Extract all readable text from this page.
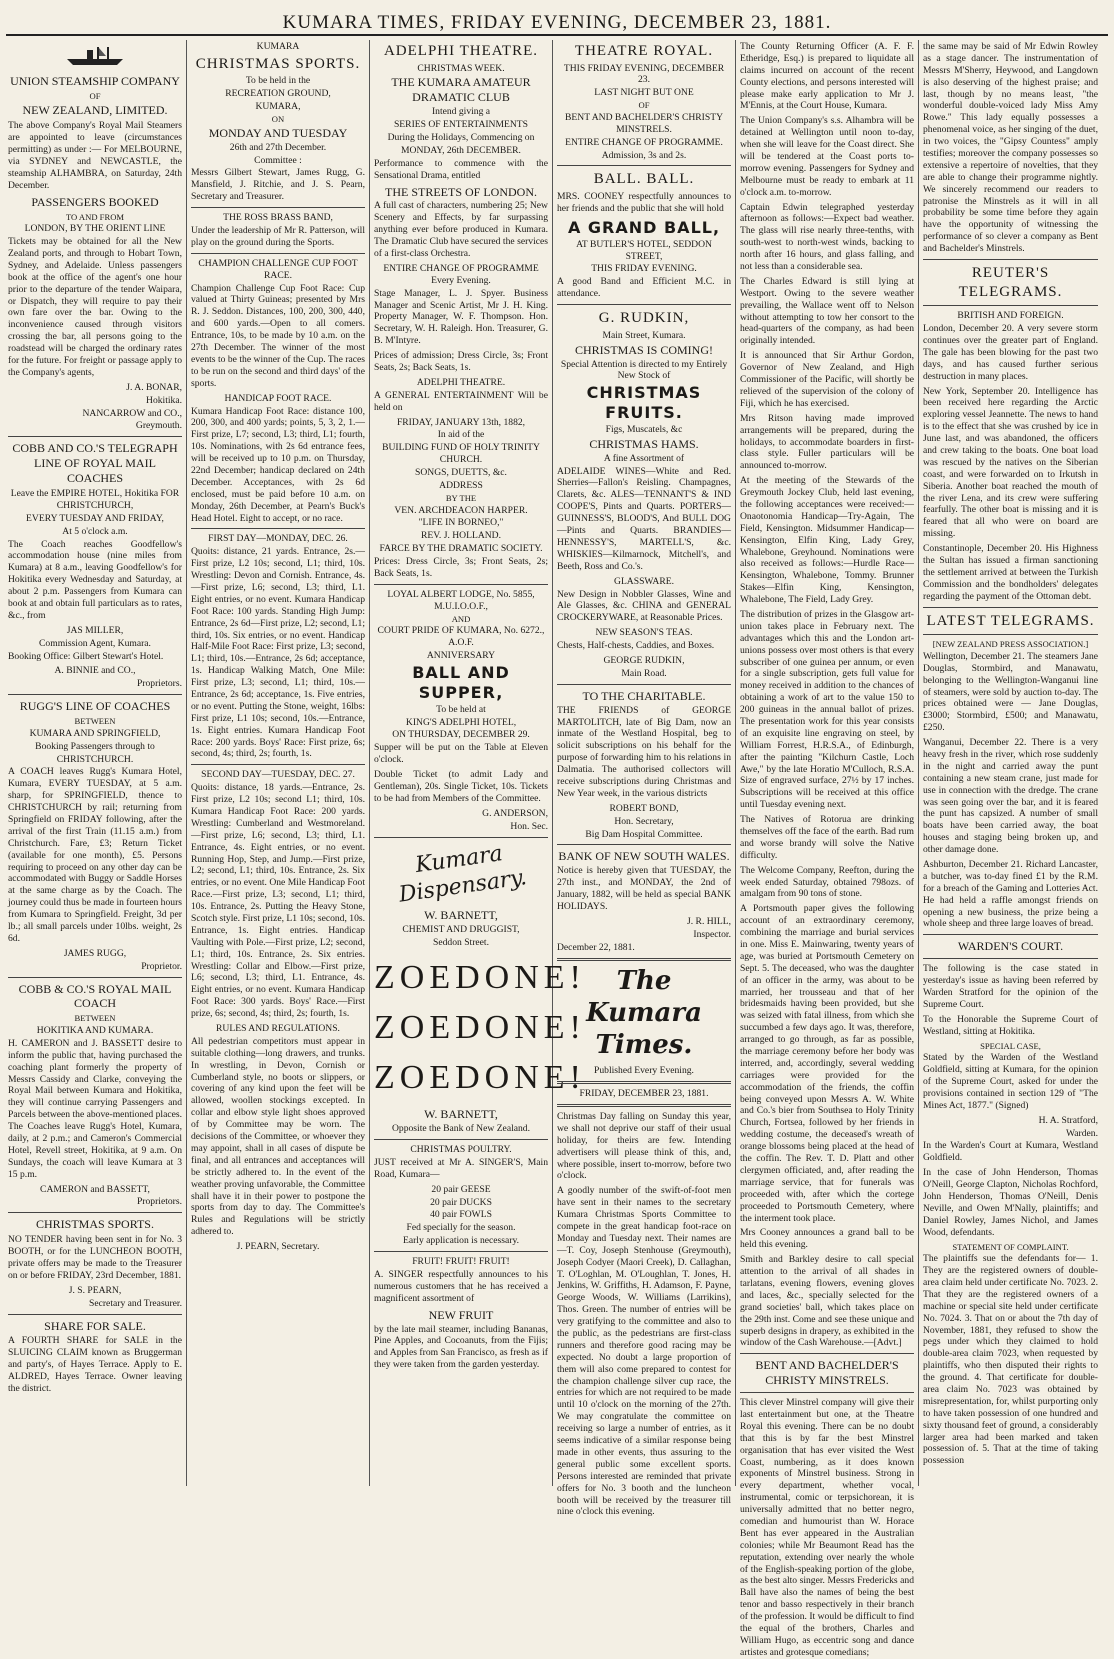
KUMARA TIMES, FRIDAY EVENING, DECEMBER 23, 1881.
UNION STEAMSHIP COMPANY
OF
NEW ZEALAND, LIMITED.
The above Company's Royal Mail Steamers are appointed to leave (circumstances permitting) as under :— For MELBOURNE, via SYDNEY and NEWCASTLE, the steamship ALHAMBRA, on Saturday, 24th December.
PASSENGERS BOOKED
TO AND FROM
LONDON, BY THE ORIENT LINE
Tickets may be obtained for all the New Zealand ports, and through to Hobart Town, Sydney, and Adelaide. Unless passengers book at the office of the agent's one hour prior to the departure of the tender Waipara, or Dispatch, they will require to pay their own fare over the bar. Owing to the inconvenience caused through visitors crossing the bar, all persons going to the roadstead will be charged the ordinary rates for the future. For freight or passage apply to the Company's agents,
J. A. BONAR,
Hokitika.
NANCARROW and CO.,
Greymouth.
COBB AND CO.'S TELEGRAPH LINE OF ROYAL MAIL COACHES
Leave the EMPIRE HOTEL, Hokitika FOR CHRISTCHURCH,
EVERY TUESDAY AND FRIDAY,
At 5 o'clock a.m.
The Coach reaches Goodfellow's accommodation house (nine miles from Kumara) at 8 a.m., leaving Goodfellow's for Hokitika every Wednesday and Saturday, at about 2 p.m. Passengers from Kumara can book at and obtain full particulars as to rates, &c., from
JAS MILLER,
Commission Agent, Kumara.
Booking Office: Gilbert Stewart's Hotel.
A. BINNIE and CO.,
Proprietors.
RUGG'S LINE OF COACHES
BETWEEN
KUMARA AND SPRINGFIELD,
Booking Passengers through to
CHRISTCHURCH.
A COACH leaves Rugg's Kumara Hotel, Kumara, EVERY TUESDAY, at 5 a.m. sharp, for SPRINGFIELD, thence to CHRISTCHURCH by rail; returning from Springfield on FRIDAY following, after the arrival of the first Train (11.15 a.m.) from Christchurch. Fare, £3; Return Ticket (available for one month), £5. Persons requiring to proceed on any other day can be accommodated with Buggy or Saddle Horses at the same charge as by the Coach. The journey could thus be made in fourteen hours from Kumara to Springfield. Freight, 3d per lb.; all small parcels under 10lbs. weight, 2s 6d.
JAMES RUGG,
Proprietor.
COBB & CO.'S ROYAL MAIL COACH
BETWEEN
HOKITIKA AND KUMARA.
H. CAMERON and J. BASSETT desire to inform the public that, having purchased the coaching plant formerly the property of Messrs Cassidy and Clarke, conveying the Royal Mail between Kumara and Hokitika, they will continue carrying Passengers and Parcels between the above-mentioned places. The Coaches leave Rugg's Hotel, Kumara, daily, at 2 p.m.; and Cameron's Commercial Hotel, Revell street, Hokitika, at 9 a.m. On Sundays, the coach will leave Kumara at 3 15 p.m.
CAMERON and BASSETT,
Proprietors.
CHRISTMAS SPORTS.
NO TENDER having been sent in for No. 3 BOOTH, or for the LUNCHEON BOOTH, private offers may be made to the Treasurer on or before FRIDAY, 23rd December, 1881.
J. S. PEARN,
Secretary and Treasurer.
SHARE FOR SALE.
A FOURTH SHARE for SALE in the SLUICING CLAIM known as Bruggerman and party's, of Hayes Terrace. Apply to E. ALDRED, Hayes Terrace. Owner leaving the district.
KUMARA
CHRISTMAS SPORTS.
To be held in the
RECREATION GROUND,
KUMARA,
ON
MONDAY AND TUESDAY
26th and 27th December.
Committee :
Messrs Gilbert Stewart, James Rugg, G. Mansfield, J. Ritchie, and J. S. Pearn, Secretary and Treasurer.
THE ROSS BRASS BAND,
Under the leadership of Mr R. Patterson, will play on the ground during the Sports.
CHAMPION CHALLENGE CUP FOOT RACE.
Champion Challenge Cup Foot Race: Cup valued at Thirty Guineas; presented by Mrs R. J. Seddon. Distances, 100, 200, 300, 440, and 600 yards.—Open to all comers. Entrance, 10s, to be made by 10 a.m. on the 27th December. The winner of the most events to be the winner of the Cup. The races to be run on the second and third days' of the sports.
HANDICAP FOOT RACE.
Kumara Handicap Foot Race: distance 100, 200, 300, and 400 yards; points, 5, 3, 2, 1.—First prize, L7; second, L3; third, L1; fourth, 10s. Nominations, with 2s 6d entrance fees, will be received up to 10 p.m. on Thursday, 22nd December; handicap declared on 24th December. Acceptances, with 2s 6d enclosed, must be paid before 10 a.m. on Monday, 26th December, at Pearn's Buck's Head Hotel. Eight to accept, or no race.
FIRST DAY—MONDAY, DEC. 26.
Quoits: distance, 21 yards. Entrance, 2s.—First prize, L2 10s; second, L1; third, 10s. Wrestling: Devon and Cornish. Entrance, 4s.—First prize, L6; second, L3; third, L1. Eight entries, or no event. Kumara Handicap Foot Race: 100 yards. Standing High Jump: Entrance, 2s 6d—First prize, L2; second, L1; third, 10s. Six entries, or no event. Handicap Half-Mile Foot Race: First prize, L3; second, L1; third, 10s.—Entrance, 2s 6d; acceptance, 1s. Handicap Walking Match, One Mile: First prize, L3; second, L1; third, 10s.—Entrance, 2s 6d; acceptance, 1s. Five entries, or no event. Putting the Stone, weight, 16lbs: First prize, L1 10s; second, 10s.—Entrance, 1s. Eight entries. Kumara Handicap Foot Race: 200 yards. Boys' Race: First prize, 6s; second, 4s; third, 2s; fourth, 1s.
SECOND DAY—TUESDAY, DEC. 27.
Quoits: distance, 18 yards.—Entrance, 2s. First prize, L2 10s; second L1; third, 10s. Kumara Handicap Foot Race: 200 yards. Wrestling: Cumberland and Westmoreland.—First prize, L6; second, L3; third, L1. Entrance, 4s. Eight entries, or no event. Running Hop, Step, and Jump.—First prize, L2; second, L1; third, 10s. Entrance, 2s. Six entries, or no event. One Mile Handicap Foot Race.—First prize, L3; second, L1; third, 10s. Entrance, 2s. Putting the Heavy Stone, Scotch style. First prize, L1 10s; second, 10s. Entrance, 1s. Eight entries. Handicap Vaulting with Pole.—First prize, L2; second, L1; third, 10s. Entrance, 2s. Six entries. Wrestling: Collar and Elbow.—First prize, L6; second, L3; third, L1. Entrance, 4s. Eight entries, or no event. Kumara Handicap Foot Race: 300 yards. Boys' Race.—First prize, 6s; second, 4s; third, 2s; fourth, 1s.
RULES AND REGULATIONS.
All pedestrian competitors must appear in suitable clothing—long drawers, and trunks. In wrestling, in Devon, Cornish or Cumberland style, no boots or slippers, or covering of any kind upon the feet will be allowed, woollen stockings excepted. In collar and elbow style light shoes approved of by Committee may be worn. The decisions of the Committee, or whoever they may appoint, shall in all cases of dispute be final, and all entrances and acceptances will be strictly adhered to. In the event of the weather proving unfavorable, the Committee shall have it in their power to postpone the sports from day to day. The Committee's Rules and Regulations will be strictly adhered to.
J. PEARN, Secretary.
ADELPHI THEATRE.
CHRISTMAS WEEK.
THE KUMARA AMATEUR DRAMATIC CLUB
Intend giving a
SERIES OF ENTERTAINMENTS
During the Holidays, Commencing on
MONDAY, 26th DECEMBER.
Performance to commence with the Sensational Drama, entitled
THE STREETS OF LONDON.
A full cast of characters, numbering 25; New Scenery and Effects, by far surpassing anything ever before produced in Kumara. The Dramatic Club have secured the services of a first-class Orchestra.
ENTIRE CHANGE OF PROGRAMME Every Evening.
Stage Manager, L. J. Spyer. Business Manager and Scenic Artist, Mr J. H. King. Property Manager, W. F. Thompson. Hon. Secretary, W. H. Raleigh. Hon. Treasurer, G. B. M'Intyre.
Prices of admission; Dress Circle, 3s; Front Seats, 2s; Back Seats, 1s.
ADELPHI THEATRE.
A GENERAL ENTERTAINMENT Will be held on
FRIDAY, JANUARY 13th, 1882,
In aid of the
BUILDING FUND OF HOLY TRINITY CHURCH.
SONGS, DUETTS, &c.
ADDRESS
BY THE
VEN. ARCHDEACON HARPER.
"LIFE IN BORNEO,"
REV. J. HOLLAND.
FARCE BY THE DRAMATIC SOCIETY.
Prices: Dress Circle, 3s; Front Seats, 2s; Back Seats, 1s.
LOYAL ALBERT LODGE, No. 5855, M.U.I.O.O.F.,
AND
COURT PRIDE OF KUMARA, No. 6272., A.O.F.
ANNIVERSARY
BALL AND SUPPER,
To be held at
KING'S ADELPHI HOTEL,
ON THURSDAY, DECEMBER 29.
Supper will be put on the Table at Eleven o'clock.
Double Ticket (to admit Lady and Gentleman), 20s. Single Ticket, 10s. Tickets to be had from Members of the Committee.
G. ANDERSON,
Hon. Sec.
Kumara Dispensary.
W. BARNETT,
CHEMIST AND DRUGGIST,
Seddon Street.
ZOEDONE!
ZOEDONE!
ZOEDONE!
W. BARNETT,
Opposite the Bank of New Zealand.
CHRISTMAS POULTRY.
JUST received at Mr A. SINGER'S, Main Road, Kumara—
20 pair GEESE
20 pair DUCKS
40 pair FOWLS
Fed specially for the season.
Early application is necessary.
FRUIT! FRUIT! FRUIT!
A. SINGER respectfully announces to his numerous customers that he has received a magnificent assortment of
NEW FRUIT
by the late mail steamer, including Bananas, Pine Apples, and Cocoanuts, from the Fijis; and Apples from San Francisco, as fresh as if they were taken from the garden yesterday.
THEATRE ROYAL.
THIS FRIDAY EVENING, DECEMBER 23.
LAST NIGHT BUT ONE
OF
BENT AND BACHELDER'S CHRISTY MINSTRELS.
ENTIRE CHANGE OF PROGRAMME.
Admission, 3s and 2s.
BALL. BALL.
MRS. COONEY respectfully announces to her friends and the public that she will hold
A GRAND BALL,
AT BUTLER'S HOTEL, SEDDON STREET,
THIS FRIDAY EVENING.
A good Band and Efficient M.C. in attendance.
G. RUDKIN,
Main Street, Kumara.
CHRISTMAS IS COMING!
Special Attention is directed to my Entirely New Stock of
CHRISTMAS FRUITS.
Figs, Muscatels, &c
CHRISTMAS HAMS.
A fine Assortment of
ADELAIDE WINES—White and Red. Sherries—Fallon's Reisling. Champagnes, Clarets, &c. ALES—TENNANT'S & IND COOPE'S, Pints and Quarts. PORTERS—GUINNESS'S, BLOOD'S, And BULL DOG—Pints and Quarts. BRANDIES—HENNESSY'S, MARTELL'S, &c. WHISKIES—Kilmarnock, Mitchell's, and Beeth, Ross and Co.'s.
GLASSWARE.
New Design in Nobbler Glasses, Wine and Ale Glasses, &c. CHINA and GENERAL CROCKERYWARE, at Reasonable Prices.
NEW SEASON'S TEAS.
Chests, Half-chests, Caddies, and Boxes.
GEORGE RUDKIN,
Main Road.
TO THE CHARITABLE.
THE FRIENDS of GEORGE MARTOLITCH, late of Big Dam, now an inmate of the Westland Hospital, beg to solicit subscriptions on his behalf for the purpose of forwarding him to his relations in Dalmatia. The authorised collectors will receive subscriptions during Christmas and New Year week, in the various districts
ROBERT BOND,
Hon. Secretary,
Big Dam Hospital Committee.
BANK OF NEW SOUTH WALES.
Notice is hereby given that TUESDAY, the 27th inst., and MONDAY, the 2nd of January, 1882, will be held as special BANK HOLIDAYS.
J. R. HILL,
Inspector.
December 22, 1881.
The Kumara Times.
Published Every Evening.
FRIDAY, DECEMBER 23, 1881.
Christmas Day falling on Sunday this year, we shall not deprive our staff of their usual holiday, for theirs are few. Intending advertisers will please think of this, and, where possible, insert to-morrow, before two o'clock.
A goodly number of the swift-of-foot men have sent in their names to the secretary Kumara Christmas Sports Committee to compete in the great handicap foot-race on Monday and Tuesday next. Their names are—T. Coy, Joseph Stenhouse (Greymouth), Joseph Codyer (Maori Creek), D. Callaghan, T. O'Loghlan, M. O'Loughlan, T. Jones, H. Jenkins, W. Griffiths, H. Adamson, F. Payne, George Woods, W. Williams (Larrikins), Thos. Green. The number of entries will be very gratifying to the committee and also to the public, as the pedestrians are first-class runners and therefore good racing may be expected. No doubt a large proportion of them will also come prepared to contest for the champion challenge silver cup race, the entries for which are not required to be made until 10 o'clock on the morning of the 27th. We may congratulate the committee on receiving so large a number of entries, as it seems indicative of a similar response being made in other events, thus assuring to the general public some excellent sports. Persons interested are reminded that private offers for No. 3 booth and the luncheon booth will be received by the treasurer till nine o'clock this evening.
The County Returning Officer (A. F. F. Etheridge, Esq.) is prepared to liquidate all claims incurred on account of the recent County elections, and persons interested will please make early application to Mr J. M'Ennis, at the Court House, Kumara.
The Union Company's s.s. Alhambra will be detained at Wellington until noon to-day, when she will leave for the Coast direct. She will be tendered at the Coast ports to-morrow evening. Passengers for Sydney and Melbourne must be ready to embark at 11 o'clock a.m. to-morrow.
Captain Edwin telegraphed yesterday afternoon as follows:—Expect bad weather. The glass will rise nearly three-tenths, with south-west to north-west winds, backing to north after 16 hours, and glass falling, and not less than a considerable sea.
The Charles Edward is still lying at Westport. Owing to the severe weather prevailing, the Wallace went off to Nelson without attempting to tow her consort to the head-quarters of the company, as had been originally intended.
It is announced that Sir Arthur Gordon, Governor of New Zealand, and High Commissioner of the Pacific, will shortly be relieved of the supervision of the colony of Fiji, which he has exercised.
Mrs Ritson having made improved arrangements will be prepared, during the holidays, to accommodate boarders in first-class style. Fuller particulars will be announced to-morrow.
At the meeting of the Stewards of the Greymouth Jockey Club, held last evening, the following acceptances were received:—Onaotonomia Handicap—Try-Again, The Field, Kensington. Midsummer Handicap—Kensington, Elfin King, Lady Grey, Whalebone, Greyhound. Nominations were also received as follows:—Hurdle Race—Kensington, Whalebone, Tommy. Brunner Stakes—Elfin King, Kensington, Whalebone, The Field, Lady Grey.
The distribution of prizes in the Glasgow art-union takes place in February next. The advantages which this and the London art-unions possess over most others is that every subscriber of one guinea per annum, or even for a single subscription, gets full value for money received in addition to the chances of obtaining a work of art to the value 150 to 200 guineas in the annual ballot of prizes. The presentation work for this year consists of an exquisite line engraving on steel, by William Forrest, H.R.S.A., of Edinburgh, after the painting "Kilchurn Castle, Loch Awe," by the late Horatio M'Culloch, R.S.A. Size of engraved surface, 27½ by 17 inches. Subscriptions will be received at this office until Tuesday evening next.
The Natives of Rotorua are drinking themselves off the face of the earth. Bad rum and worse brandy will solve the Native difficulty.
The Welcome Company, Reefton, during the week ended Saturday, obtained 798ozs. of amalgam from 90 tons of stone.
A Portsmouth paper gives the following account of an extraordinary ceremony, combining the marriage and burial services in one. Miss E. Mainwaring, twenty years of age, was buried at Portsmouth Cemetery on Sept. 5. The deceased, who was the daughter of an officer in the army, was about to be married, her trousseau and that of her bridesmaids having been provided, but she was seized with fatal illness, from which she succumbed a few days ago. It was, therefore, arranged to go through, as far as possible, the marriage ceremony before her body was interred, and, accordingly, several wedding carriages were provided for the accommodation of the friends, the coffin being conveyed upon Messrs A. W. White and Co.'s bier from Southsea to Holy Trinity Church, Fortsea, followed by her friends in wedding costume, the deceased's wreath of orange blossoms being placed at the head of the coffin. The Rev. T. D. Platt and other clergymen officiated, and, after reading the marriage service, that for funerals was proceeded with, after which the cortege proceeded to Portsmouth Cemetery, where the interment took place.
Mrs Cooney announces a grand ball to be held this evening.
Smith and Barkley desire to call special attention to the arrival of all shades in tarlatans, evening flowers, evening gloves and laces, &c., specially selected for the grand societies' ball, which takes place on the 29th inst. Come and see these unique and superb designs in drapery, as exhibited in the window of the Cash Warehouse.—[Advt.]
BENT AND BACHELDER'S CHRISTY MINSTRELS.
This clever Minstrel company will give their last entertainment but one, at the Theatre Royal this evening. There can be no doubt that this is by far the best Minstrel organisation that has ever visited the West Coast, numbering, as it does known exponents of Minstrel business. Strong in every department, whether vocal, instrumental, comic or terpsichorean, it is universally admitted that no better negro, comedian and humourist than W. Horace Bent has ever appeared in the Australian colonies; while Mr Beaumont Read has the reputation, extending over nearly the whole of the English-speaking portion of the globe, as the best alto singer. Messrs Fredericks and Ball have also the names of being the best tenor and basso respectively in their branch of the profession. It would be difficult to find the equal of the brothers, Charles and William Hugo, as eccentric song and dance artistes and grotesque comedians;
the same may be said of Mr Edwin Rowley as a stage dancer. The instrumentation of Messrs M'Sherry, Heywood, and Langdown is also deserving of the highest praise; and last, though by no means least, "the wonderful double-voiced lady Miss Amy Rowe." This lady equally possesses a phenomenal voice, as her singing of the duet, in two voices, the "Gipsy Countess" amply testifies; moreover the company possesses so extensive a repertoire of novelties, that they are able to change their programme nightly. We sincerely recommend our readers to patronise the Minstrels as it will in all probability be some time before they again have the opportunity of witnessing the performance of so clever a company as Bent and Bachelder's Minstrels.
REUTER'S TELEGRAMS.
BRITISH AND FOREIGN.
London, December 20. A very severe storm continues over the greater part of England. The gale has been blowing for the past two days, and has caused further serious destruction in many places.
New York, September 20. Intelligence has been received here regarding the Arctic exploring vessel Jeannette. The news to hand is to the effect that she was crushed by ice in June last, and was abandoned, the officers and crew taking to the boats. One boat load was rescued by the natives on the Siberian coast, and were forwarded on to Irkutsh in Siberia. Another boat reached the mouth of the river Lena, and its crew were suffering fearfully. The other boat is missing and it is feared that all who were on board are missing.
Constantinople, December 20. His Highness the Sultan has issued a firman sanctioning the settlement arrived at between the Turkish Commission and the bondholders' delegates regarding the payment of the Ottoman debt.
LATEST TELEGRAMS.
[NEW ZEALAND PRESS ASSOCIATION.]
Wellington, December 21. The steamers Jane Douglas, Stormbird, and Manawatu, belonging to the Wellington-Wanganui line of steamers, were sold by auction to-day. The prices obtained were — Jane Douglas, £3000; Stormbird, £500; and Manawatu, £250.
Wanganui, December 22. There is a very heavy fresh in the river, which rose suddenly in the night and carried away the punt containing a new steam crane, just made for use in connection with the dredge. The crane was seen going over the bar, and it is feared the punt has capsized. A number of small boats have been carried away, the boat houses and staging being broken up, and other damage done.
Ashburton, December 21. Richard Lancaster, a butcher, was to-day fined £1 by the R.M. for a breach of the Gaming and Lotteries Act. He had held a raffle amongst friends on opening a new business, the prize being a whole sheep and three large loaves of bread.
WARDEN'S COURT.
The following is the case stated in yesterday's issue as having been referred by Warden Stratford for the opinion of the Supreme Court.
To the Honorable the Supreme Court of Westland, sitting at Hokitika.
SPECIAL CASE,
Stated by the Warden of the Westland Goldfield, sitting at Kumara, for the opinion of the Supreme Court, asked for under the provisions contained in section 129 of "The Mines Act, 1877." (Signed)
H. A. Stratford,
Warden.
In the Warden's Court at Kumara, Westland Goldfield.
In the case of John Henderson, Thomas O'Neill, George Clapton, Nicholas Rochford, John Henderson, Thomas O'Neill, Denis Neville, and Owen M'Nally, plaintiffs; and Daniel Rowley, James Nichol, and James Wood, defendants.
STATEMENT OF COMPLAINT.
The plaintiffs sue the defendants for— 1. They are the registered owners of double-area claim held under certificate No. 7023. 2. That they are the registered owners of a machine or special site held under certificate No. 7024. 3. That on or about the 7th day of November, 1881, they refused to show the pegs under which they claimed to hold double-area claim 7023, when requested by plaintiffs, who then disputed their rights to the ground. 4. That certificate for double-area claim No. 7023 was obtained by misrepresentation, for, whilst purporting only to have taken possession of one hundred and sixty thousand feet of ground, a considerably larger area had been marked and taken possession of. 5. That at the time of taking possession
